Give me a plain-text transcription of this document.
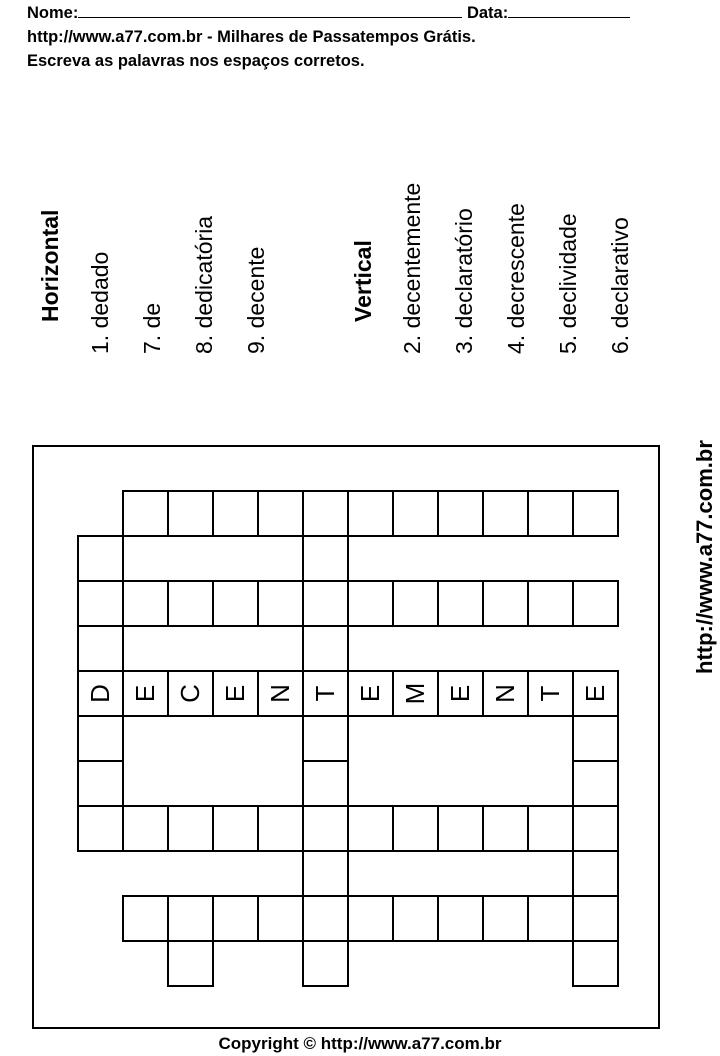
Nome:	Data:
http://www.a77.com.br - Milhares de Passatempos Grátis.
Escreva as palavras nos espaços corretos.
Horizontal 1. dedado 7. de 8. dedicatória 9. decente	Vertical 2. decentemente 3. declaratório 4. decrescente 5. declividade 6. declarativo
http://www.a77.com.br
D	T
E C E N	E M E N T E
Copyright © http://www.a77.com.br
